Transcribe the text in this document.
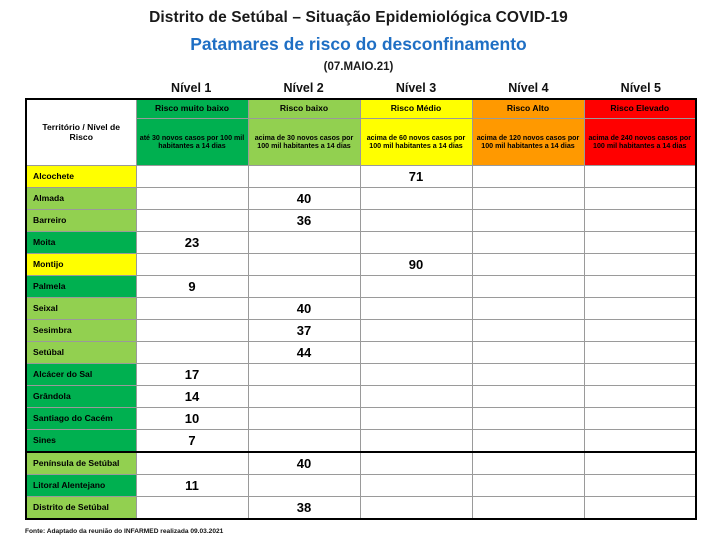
Distrito de Setúbal – Situação Epidemiológica COVID-19
Patamares de risco do desconfinamento
(07.MAIO.21)
Nível 1	Nível 2	Nível 3	Nível 4	Nível 5
Território / Nível de Risco	Risco muito baixo	Risco baixo	Risco Médio	Risco Alto	Risco Elevado
	até 30 novos casos por 100 mil habitantes a 14 dias	acima de 30 novos casos por 100 mil habitantes a 14 dias	acima de 60 novos casos por 100 mil habitantes a 14 dias	acima de 120 novos casos por 100 mil habitantes a 14 dias	acima de 240 novos casos por 100 mil habitantes a 14 dias
Alcochete			71		
Almada		40			
Barreiro		36			
Moita	23				
Montijo			90		
Palmela	9				
Seixal		40			
Sesimbra		37			
Setúbal		44			
Alcácer do Sal	17				
Grândola	14				
Santiago do Cacém	10				
Sines	7				
Península de Setúbal		40			
Litoral Alentejano	11				
Distrito de Setúbal		38			
Fonte: Adaptado da reunião do INFARMED realizada 09.03.2021
